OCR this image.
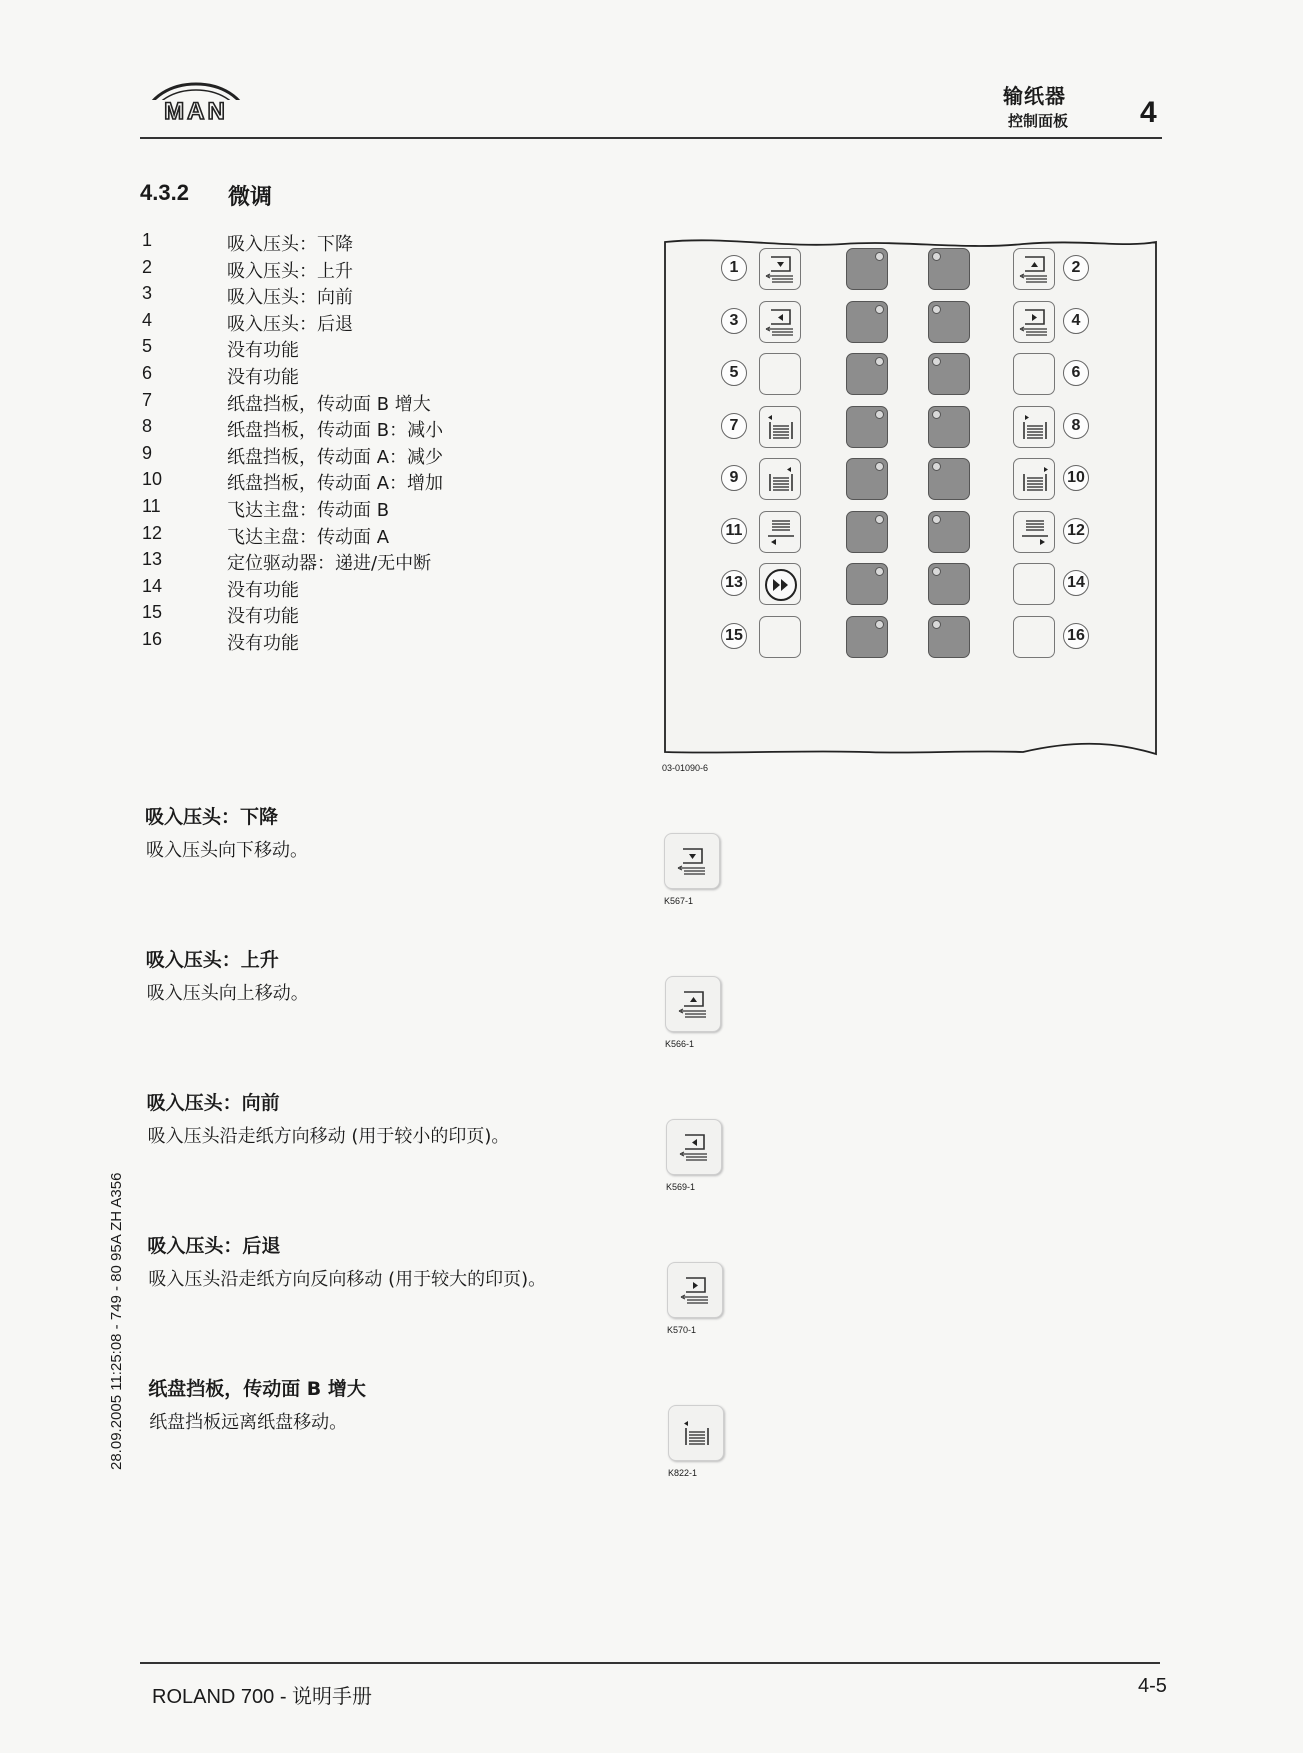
MAN
输纸器
控制面板 4
4.3.2 微调
1	吸入压头：下降
2	吸入压头：上升
3	吸入压头：向前
4	吸入压头：后退
5	没有功能
6	没有功能
7	纸盘挡板，传动面 B 增大
8	纸盘挡板，传动面 B：减小
9	纸盘挡板，传动面 A：减少
10	纸盘挡板，传动面 A：增加
11	飞达主盘：传动面 B
12	飞达主盘：传动面 A
13	定位驱动器：递进/无中断
14	没有功能
15	没有功能
16	没有功能
1	2
3	4
5	6
7	8
9	10
11	12
13	14
15	16
03-01090-6
吸入压头：下降
吸入压头向下移动。
K567-1
吸入压头：上升
吸入压头向上移动。
K566-1
吸入压头：向前
吸入压头沿走纸方向移动 (用于较小的印页)。
K569-1
吸入压头：后退
吸入压头沿走纸方向反向移动 (用于较大的印页)。
K570-1
纸盘挡板，传动面 B 增大
纸盘挡板远离纸盘移动。
K822-1
28.09.2005 11:25:08 - 749 - 80 95A ZH A356
ROLAND 700 - 说明手册	4-5
